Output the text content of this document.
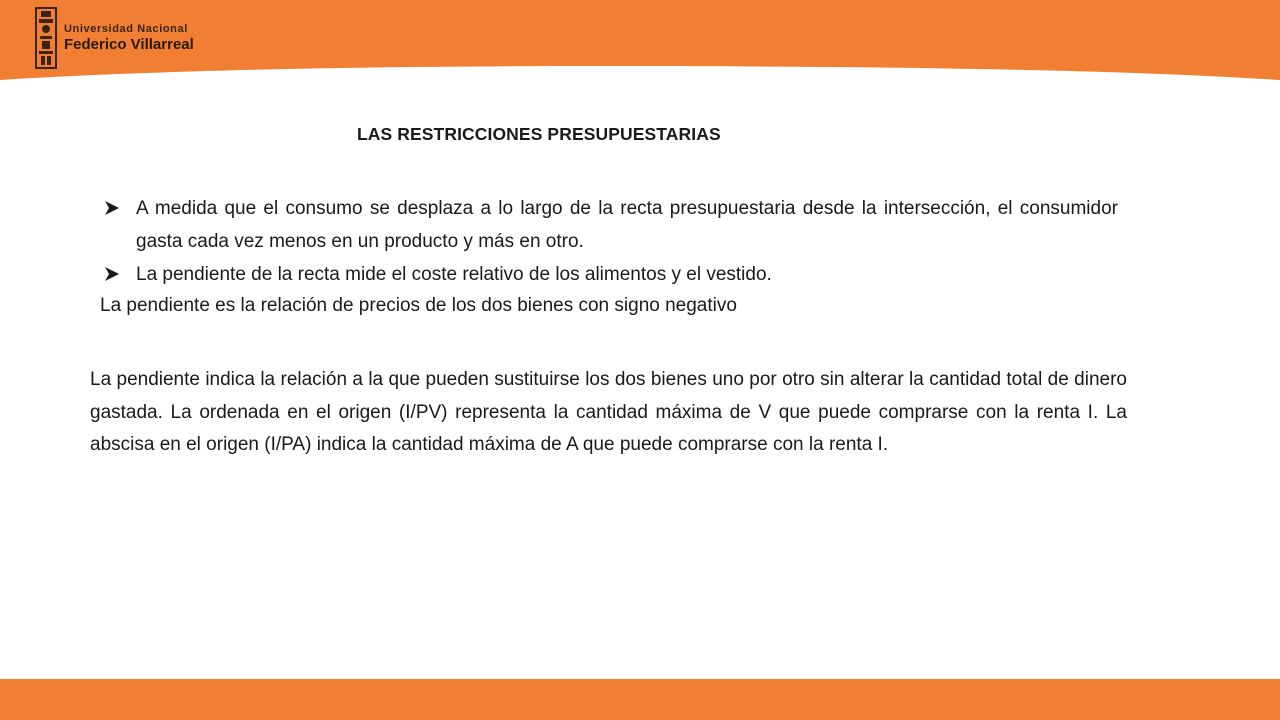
Universidad Nacional
Federico Villarreal
LAS RESTRICCIONES PRESUPUESTARIAS
A medida que el consumo se desplaza a lo largo de la recta presupuestaria desde la intersección, el consumidor gasta cada vez menos en un producto y más en otro.
La pendiente de la recta mide el coste relativo de los alimentos y el vestido.
La pendiente es la relación de precios de los dos bienes con signo negativo

La pendiente indica la relación a la que pueden sustituirse los dos bienes uno por otro sin alterar la cantidad total de dinero gastada. La ordenada en el origen (I/PV) representa la cantidad máxima de V que puede comprarse con la renta I. La abscisa en el origen (I/PA) indica la cantidad máxima de A que puede comprarse con la renta I.
